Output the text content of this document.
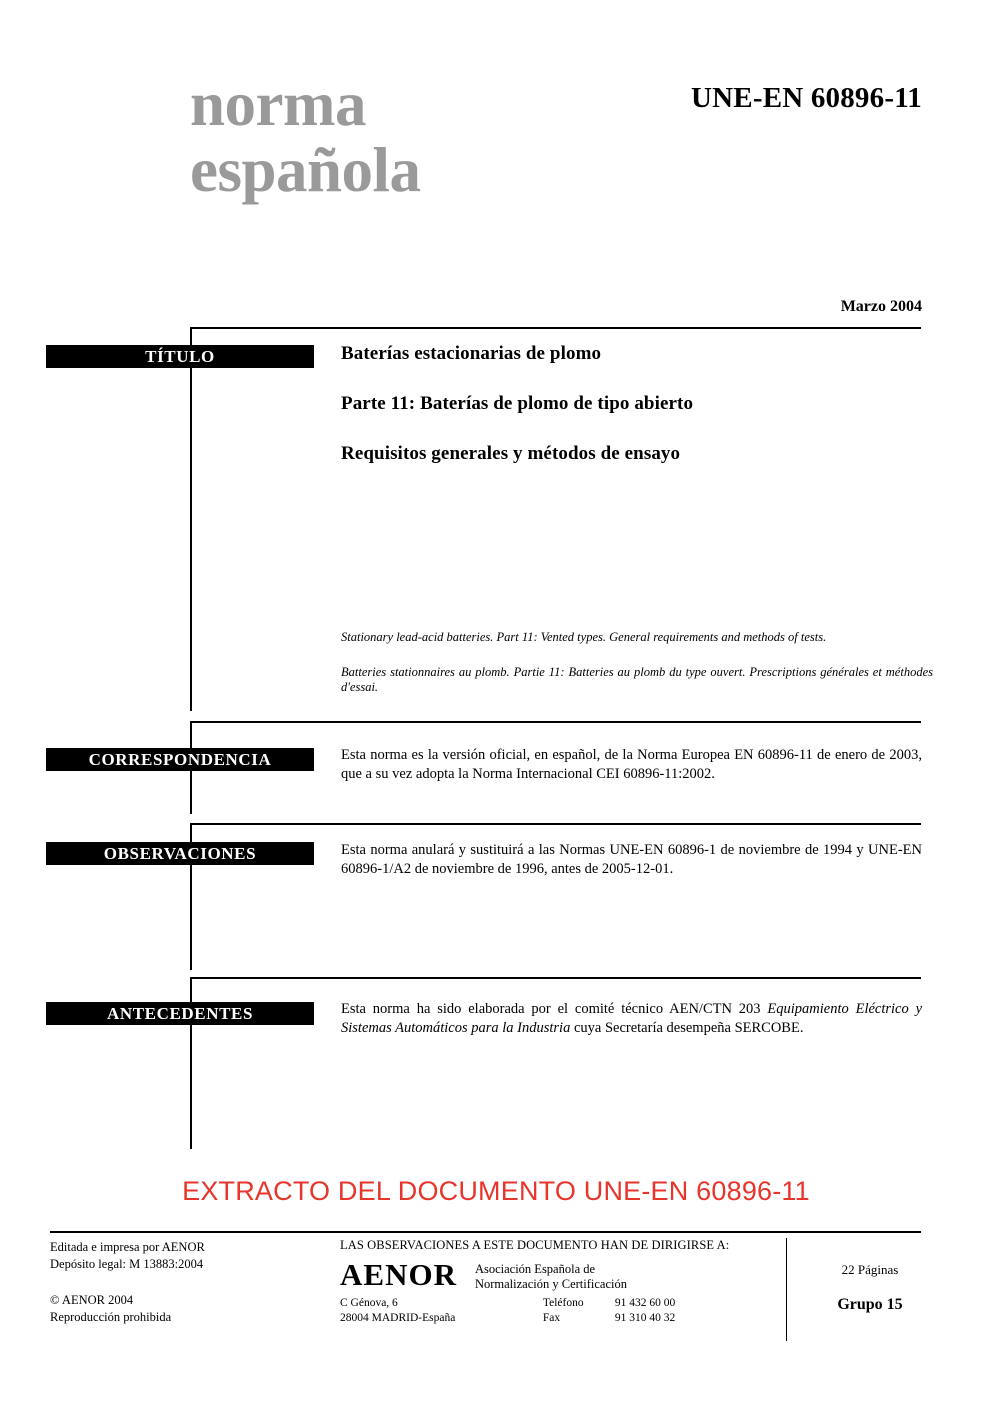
norma
española
UNE-EN 60896-11
Marzo 2004
TÍTULO	Baterías estacionarias de plomo
Parte 11: Baterías de plomo de tipo abierto
Requisitos generales y métodos de ensayo

Stationary lead-acid batteries. Part 11: Vented types. General requirements and methods of tests.

Batteries stationnaires au plomb. Partie 11: Batteries au plomb du type ouvert. Prescriptions générales et méthodes d'essai.

CORRESPONDENCIA	Esta norma es la versión oficial, en español, de la Norma Europea EN 60896-11 de enero de 2003, que a su vez adopta la Norma Internacional CEI 60896-11:2002.
OBSERVACIONES	Esta norma anulará y sustituirá a las Normas UNE-EN 60896-1 de noviembre de 1994 y UNE-EN 60896-1/A2 de noviembre de 1996, antes de 2005-12-01.
ANTECEDENTES	Esta norma ha sido elaborada por el comité técnico AEN/CTN 203 Equipamiento Eléctrico y Sistemas Automáticos para la Industria cuya Secretaría desempeña SERCOBE.
EXTRACTO DEL DOCUMENTO UNE-EN 60896-11
Editada e impresa por AENOR
Depósito legal: M 13883:2004
© AENOR 2004
Reproducción prohibida
LAS OBSERVACIONES A ESTE DOCUMENTO HAN DE DIRIGIRSE A:
AENOR Asociación Española de
Normalización y Certificación
C Génova, 6
28004 MADRID-España

Teléfono	91 432 60 00
Fax	91 310 40 32
22 Páginas
Grupo 15
